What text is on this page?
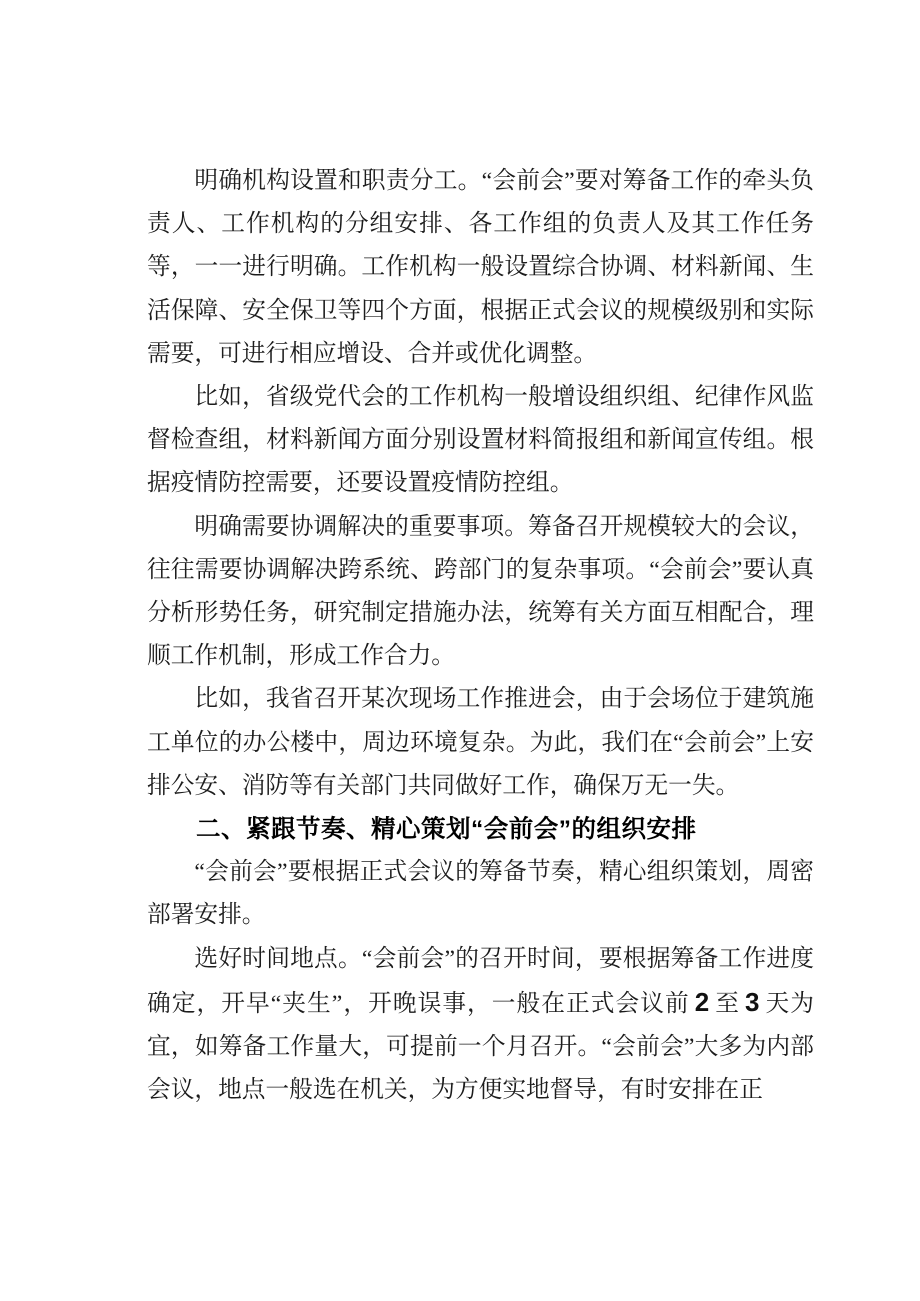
明确机构设置和职责分工。“会前会”要对筹备工作的牵头负责人、工作机构的分组安排、各工作组的负责人及其工作任务等，一一进行明确。工作机构一般设置综合协调、材料新闻、生活保障、安全保卫等四个方面，根据正式会议的规模级别和实际需要，可进行相应增设、合并或优化调整。

比如，省级党代会的工作机构一般增设组织组、纪律作风监督检查组，材料新闻方面分别设置材料简报组和新闻宣传组。根据疫情防控需要，还要设置疫情防控组。

明确需要协调解决的重要事项。筹备召开规模较大的会议，往往需要协调解决跨系统、跨部门的复杂事项。“会前会”要认真分析形势任务，研究制定措施办法，统筹有关方面互相配合，理顺工作机制，形成工作合力。

比如，我省召开某次现场工作推进会，由于会场位于建筑施工单位的办公楼中，周边环境复杂。为此，我们在“会前会”上安排公安、消防等有关部门共同做好工作，确保万无一失。

二、紧跟节奏、精心策划“会前会”的组织安排

“会前会”要根据正式会议的筹备节奏，精心组织策划，周密部署安排。

选好时间地点。“会前会”的召开时间，要根据筹备工作进度确定，开早“夹生”，开晚误事，一般在正式会议前 2 至 3 天为宜，如筹备工作量大，可提前一个月召开。“会前会”大多为内部会议，地点一般选在机关，为方便实地督导，有时安排在正
